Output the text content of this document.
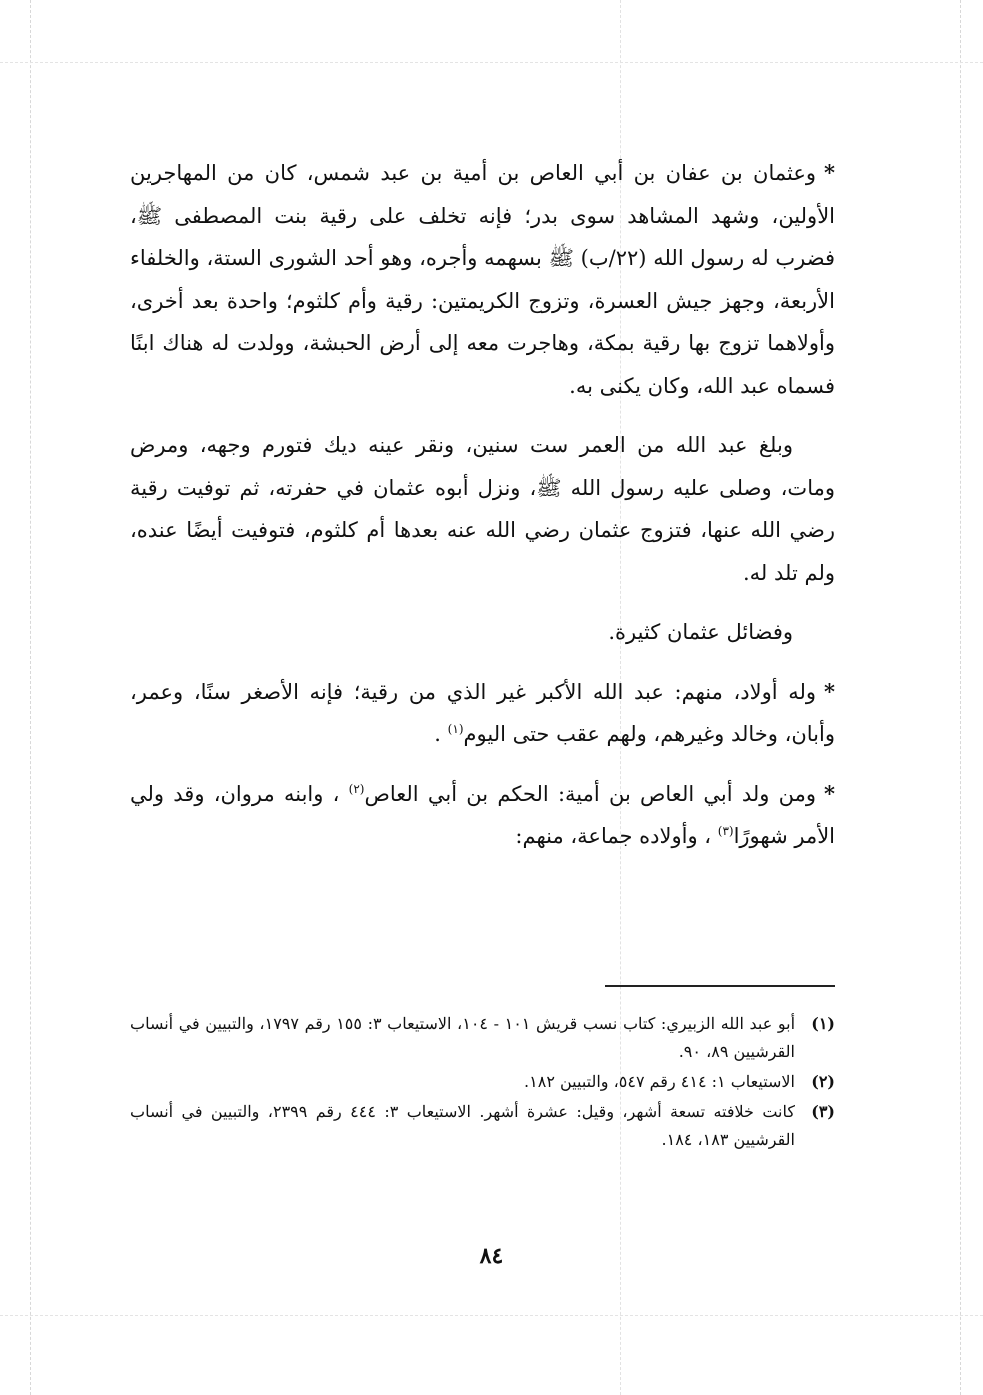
*وعثمان بن عفان بن أبي العاص بن أمية بن عبد شمس، كان من المهاجرين الأولين، وشهد المشاهد سوى بدر؛ فإنه تخلف على رقية بنت المصطفى ﷺ، فضرب له رسول الله (٢٢/ب) ﷺ بسهمه وأجره، وهو أحد الشورى الستة، والخلفاء الأربعة، وجهز جيش العسرة، وتزوج الكريمتين: رقية وأم كلثوم؛ واحدة بعد أخرى، وأولاهما تزوج بها رقية بمكة، وهاجرت معه إلى أرض الحبشة، وولدت له هناك ابنًا فسماه عبد الله، وكان يكنى به.

وبلغ عبد الله من العمر ست سنين، ونقر عينه ديك فتورم وجهه، ومرض ومات، وصلى عليه رسول الله ﷺ، ونزل أبوه عثمان في حفرته، ثم توفيت رقية رضي الله عنها، فتزوج عثمان رضي الله عنه بعدها أم كلثوم، فتوفيت أيضًا عنده، ولم تلد له.

وفضائل عثمان كثيرة.

*وله أولاد، منهم: عبد الله الأكبر غير الذي من رقية؛ فإنه الأصغر سنًا، وعمر، وأبان، وخالد وغيرهم، ولهم عقب حتى اليوم$^{(١)}$ .

*ومن ولد أبي العاص بن أمية: الحكم بن أبي العاص$^{(٢)}$ ، وابنه مروان، وقد ولي الأمر شهورًا$^{(٣)}$ ، وأولاده جماعة، منهم:

(١)
أبو عبد الله الزبيري: كتاب نسب قريش ١٠١ - ١٠٤، الاستيعاب ٣: ١٥٥ رقم ١٧٩٧، والتبيين في أنساب القرشيين ٨٩، ٩٠.
(٢)
الاستيعاب ١: ٤١٤ رقم ٥٤٧، والتبيين ١٨٢.
(٣)
كانت خلافته تسعة أشهر، وقيل: عشرة أشهر. الاستيعاب ٣: ٤٤٤ رقم ٢٣٩٩، والتبيين في أنساب القرشيين ١٨٣، ١٨٤.
٨٤
